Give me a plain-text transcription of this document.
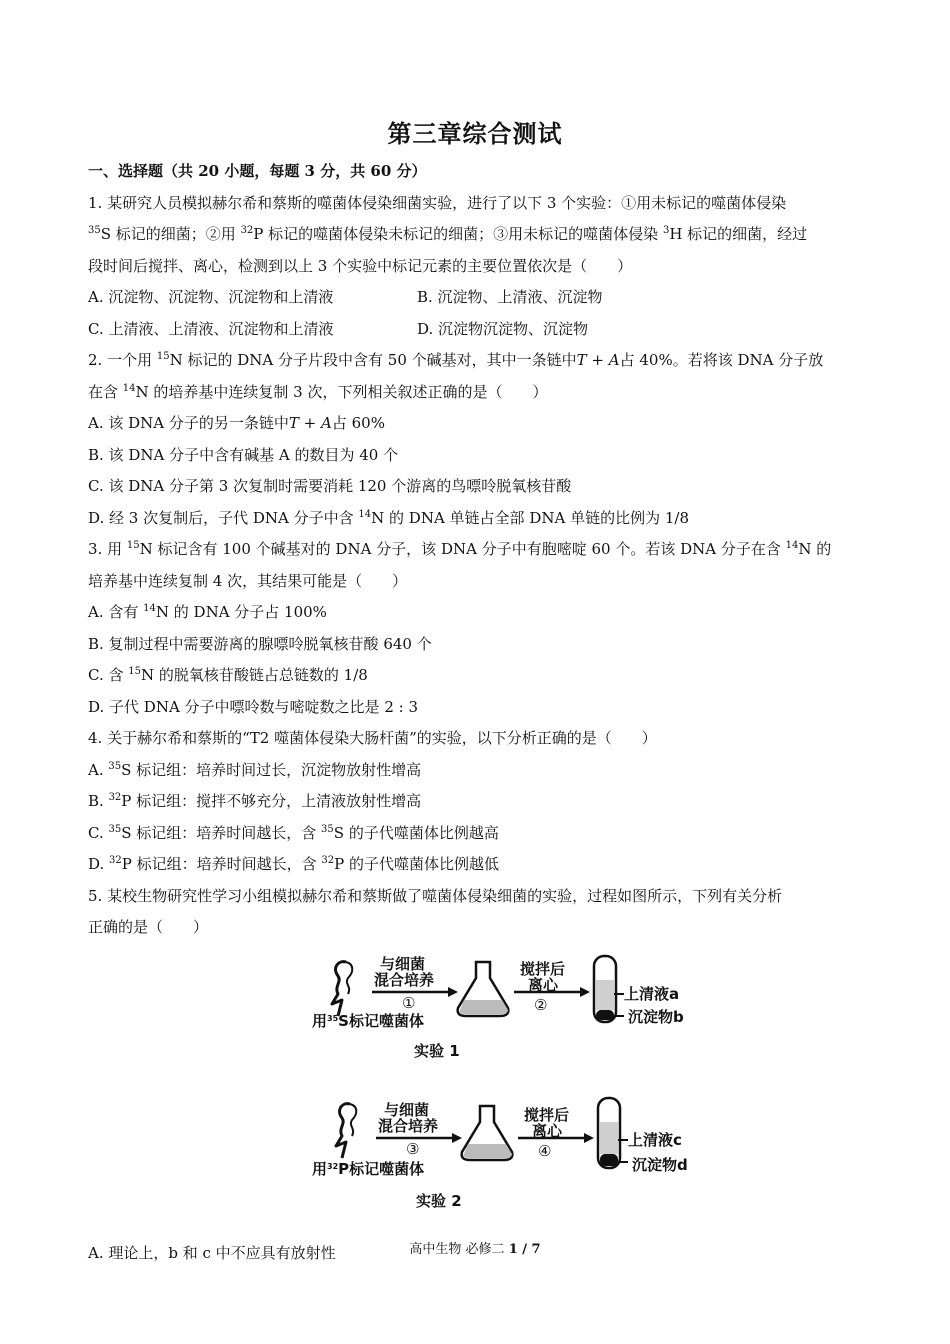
第三章综合测试
一、选择题（共 20 小题，每题 3 分，共 60 分）
1. 某研究人员模拟赫尔希和蔡斯的噬菌体侵染细菌实验，进行了以下 3 个实验：①用未标记的噬菌体侵染
$^{35}$S 标记的细菌；②用 $^{32}$P 标记的噬菌体侵染未标记的细菌；③用未标记的噬菌体侵染 $^3$H 标记的细菌，经过
段时间后搅拌、离心，检测到以上 3 个实验中标记元素的主要位置依次是（　　）
A. 沉淀物、沉淀物、沉淀物和上清液	B. 沉淀物、上清液、沉淀物
C. 上清液、上清液、沉淀物和上清液	D. 沉淀物沉淀物、沉淀物
2. 一个用 $^{15}$N 标记的 DNA 分子片段中含有 50 个碱基对，其中一条链中T + A占 40%。若将该 DNA 分子放
在含 $^{14}$N 的培养基中连续复制 3 次，下列相关叙述正确的是（　　）
A. 该 DNA 分子的另一条链中T + A占 60%
B. 该 DNA 分子中含有碱基 A 的数目为 40 个
C. 该 DNA 分子第 3 次复制时需要消耗 120 个游离的鸟嘌呤脱氧核苷酸
D. 经 3 次复制后，子代 DNA 分子中含 $^{14}$N 的 DNA 单链占全部 DNA 单链的比例为 1/8
3. 用 $^{15}$N 标记含有 100 个碱基对的 DNA 分子，该 DNA 分子中有胞嘧啶 60 个。若该 DNA 分子在含 $^{14}$N 的
培养基中连续复制 4 次，其结果可能是（　　）
A. 含有 $^{14}$N 的 DNA 分子占 100%
B. 复制过程中需要游离的腺嘌呤脱氧核苷酸 640 个
C. 含 $^{15}$N 的脱氧核苷酸链占总链数的 1/8
D. 子代 DNA 分子中嘌呤数与嘧啶数之比是 2 : 3
4. 关于赫尔希和蔡斯的“T2 噬菌体侵染大肠杆菌”的实验，以下分析正确的是（　　）
A. $^{35}$S 标记组：培养时间过长，沉淀物放射性增高
B. $^{32}$P 标记组：搅拌不够充分，上清液放射性增高
C. $^{35}$S 标记组：培养时间越长，含 $^{35}$S 的子代噬菌体比例越高
D. $^{32}$P 标记组：培养时间越长，含 $^{32}$P 的子代噬菌体比例越低
5. 某校生物研究性学习小组模拟赫尔希和蔡斯做了噬菌体侵染细菌的实验，过程如图所示，下列有关分析
正确的是（　　）
与细菌
混合培养
①
搅拌后
离心
②
上清液a
沉淀物b
用$^{35}$S标记噬菌体
实验 1
与细菌
混合培养
③
搅拌后
离心
④
上清液c
沉淀物d
用$^{32}$P标记噬菌体
实验 2
A. 理论上，b 和 c 中不应具有放射性	高中生物 必修二 1 / 7
